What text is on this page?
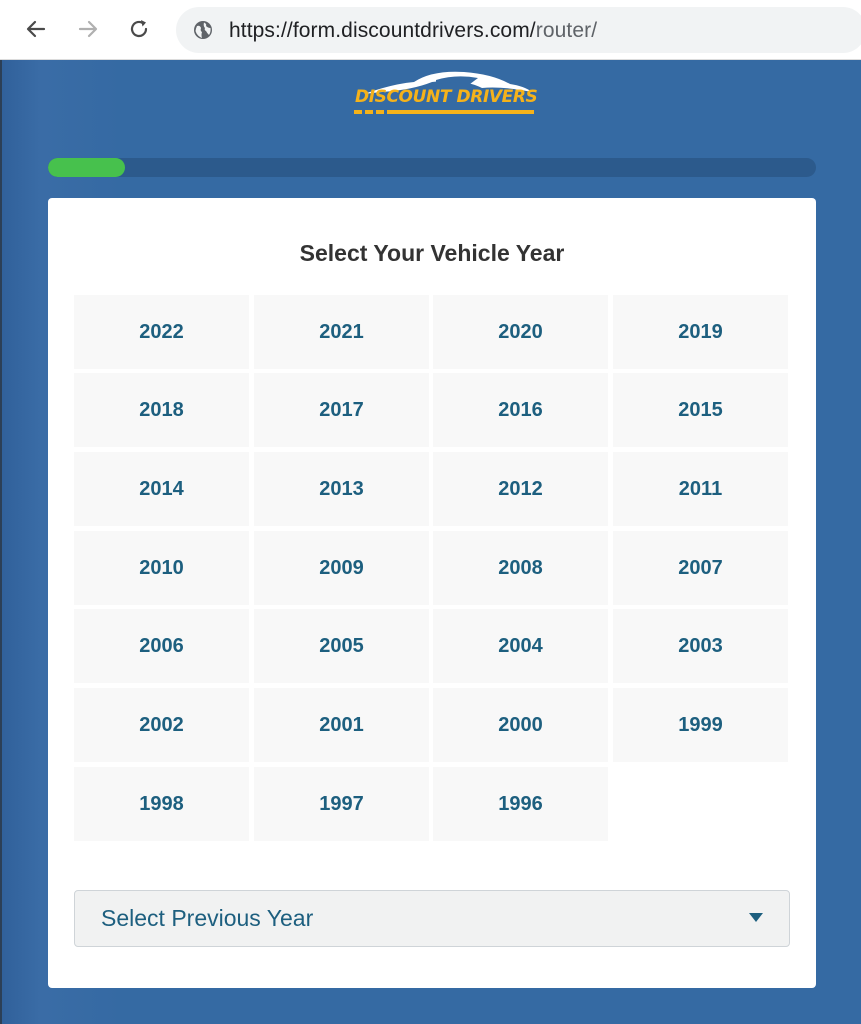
https://form.discountdrivers.com/router/
DISCOUNT DRIVERS
Select Your Vehicle Year
2022	2021	2020	2019
2018	2017	2016	2015
2014	2013	2012	2011
2010	2009	2008	2007
2006	2005	2004	2003
2002	2001	2000	1999
1998	1997	1996
Select Previous Year
